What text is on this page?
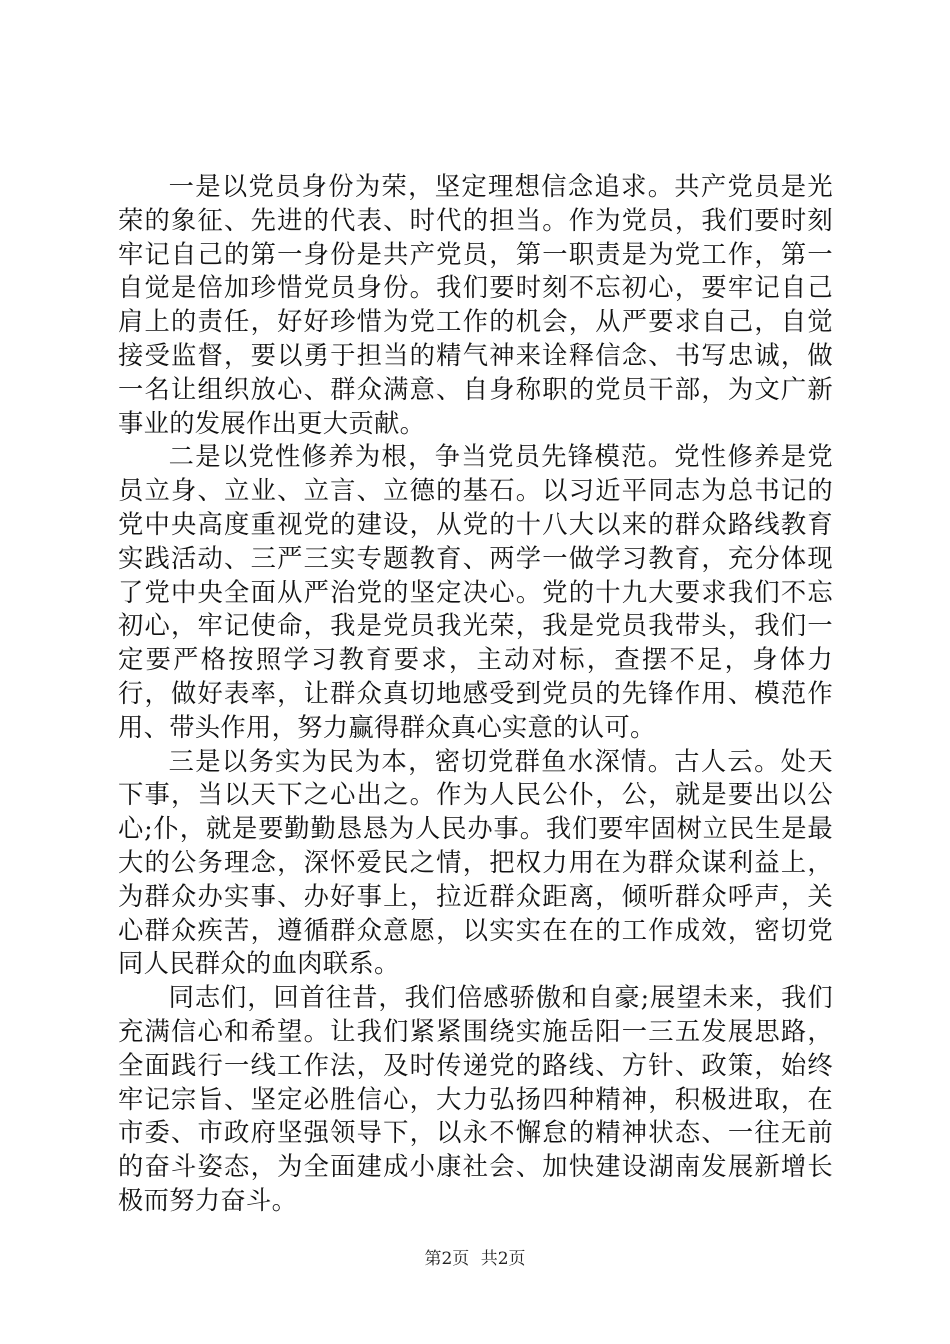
一是以党员身份为荣，坚定理想信念追求。共产党员是光荣的象征、先进的代表、时代的担当。作为党员，我们要时刻牢记自己的第一身份是共产党员，第一职责是为党工作，第一自觉是倍加珍惜党员身份。我们要时刻不忘初心，要牢记自己肩上的责任，好好珍惜为党工作的机会，从严要求自己，自觉接受监督，要以勇于担当的精气神来诠释信念、书写忠诚，做一名让组织放心、群众满意、自身称职的党员干部，为文广新事业的发展作出更大贡献。

二是以党性修养为根，争当党员先锋模范。党性修养是党员立身、立业、立言、立德的基石。以习近平同志为总书记的党中央高度重视党的建设，从党的十八大以来的群众路线教育实践活动、三严三实专题教育、两学一做学习教育，充分体现了党中央全面从严治党的坚定决心。党的十九大要求我们不忘初心，牢记使命，我是党员我光荣，我是党员我带头，我们一定要严格按照学习教育要求，主动对标，查摆不足，身体力行，做好表率，让群众真切地感受到党员的先锋作用、模范作用、带头作用，努力赢得群众真心实意的认可。

三是以务实为民为本，密切党群鱼水深情。古人云。处天下事，当以天下之心出之。作为人民公仆，公，就是要出以公心;仆，就是要勤勤恳恳为人民办事。我们要牢固树立民生是最大的公务理念，深怀爱民之情，把权力用在为群众谋利益上，为群众办实事、办好事上，拉近群众距离，倾听群众呼声，关心群众疾苦，遵循群众意愿，以实实在在的工作成效，密切党同人民群众的血肉联系。

同志们，回首往昔，我们倍感骄傲和自豪;展望未来，我们充满信心和希望。让我们紧紧围绕实施岳阳一三五发展思路，全面践行一线工作法，及时传递党的路线、方针、政策，始终牢记宗旨、坚定必胜信心，大力弘扬四种精神，积极进取，在市委、市政府坚强领导下，以永不懈怠的精神状态、一往无前的奋斗姿态，为全面建成小康社会、加快建设湖南发展新增长极而努力奋斗。

第2页 共2页
